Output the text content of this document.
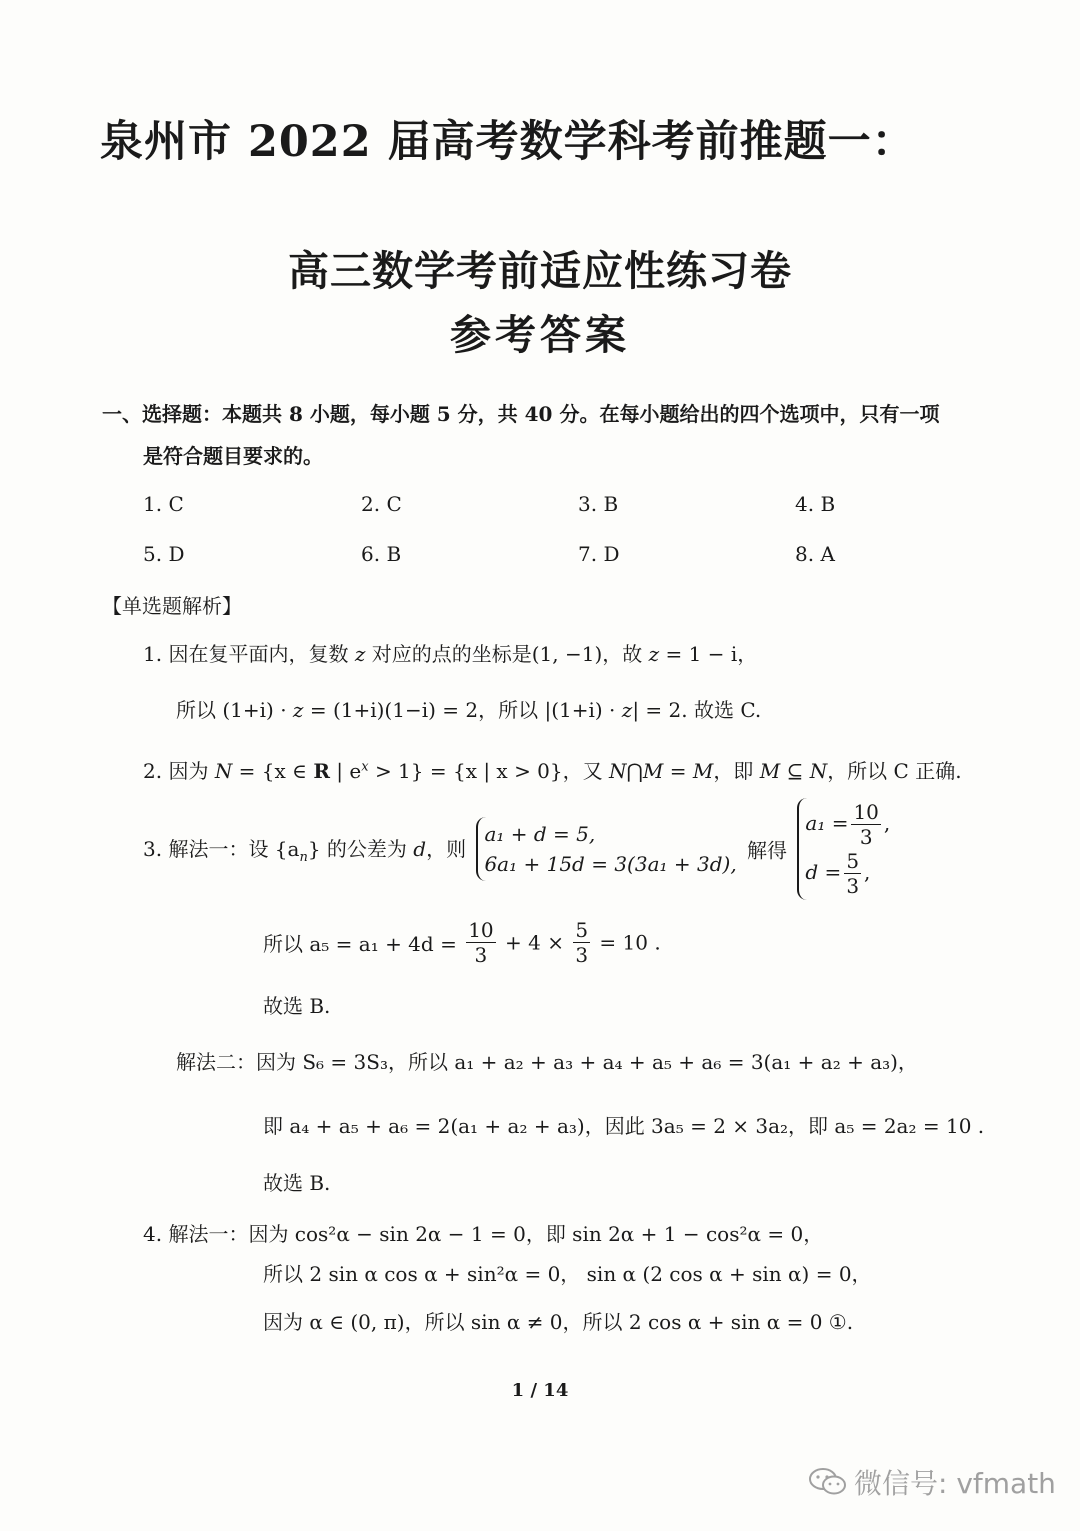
泉州市 2022 届高考数学科考前推题一：
高三数学考前适应性练习卷
参考答案
一、选择题：本题共 8 小题，每小题 5 分，共 40 分。在每小题给出的四个选项中，只有一项
是符合题目要求的。
1. C	2. C	3. B	4. B
5. D	6. B	7. D	8. A
【单选题解析】
1. 因在复平面内，复数 z 对应的点的坐标是(1, −1)，故 z = 1 − i，
所以 (1+i) · z = (1+i)(1−i) = 2，所以 |(1+i) · z| = 2. 故选 C.
2. 因为 N = {x ∈ R | $e^x > 1\} = \{x$ | x > 0}，又 N⋂M = M，即 M ⊆ N，所以 C 正确.
3. 解法一：设 $\{a_n\}$ 的公差为 d，则
a₁ + d = 5,
6a₁ + 15d = 3(3a₁ + 3d),
解得
$a_1 = \frac{10}{3}$ ,
$d = \frac{5}{3}$ ,
所以 $a_5 = a_1 + 4d = \frac{10}{3} + 4 \times \frac{5}{3} = 10$ .
故选 B.
解法二：因为 S₆ = 3S₃，所以 a₁ + a₂ + a₃ + a₄ + a₅ + a₆ = 3(a₁ + a₂ + a₃)，
即 a₄ + a₅ + a₆ = 2(a₁ + a₂ + a₃)，因此 3a₅ = 2 × 3a₂，即 a₅ = 2a₂ = 10 .
故选 B.
4. 解法一：因为 cos²α − sin 2α − 1 = 0，即 sin 2α + 1 − cos²α = 0，
所以 2 sin α cos α + sin²α = 0， sin α (2 cos α + sin α) = 0，
因为 α ∈ (0, π)，所以 sin α ≠ 0，所以 2 cos α + sin α = 0 ①.
1 / 14
微信号: vfmath
